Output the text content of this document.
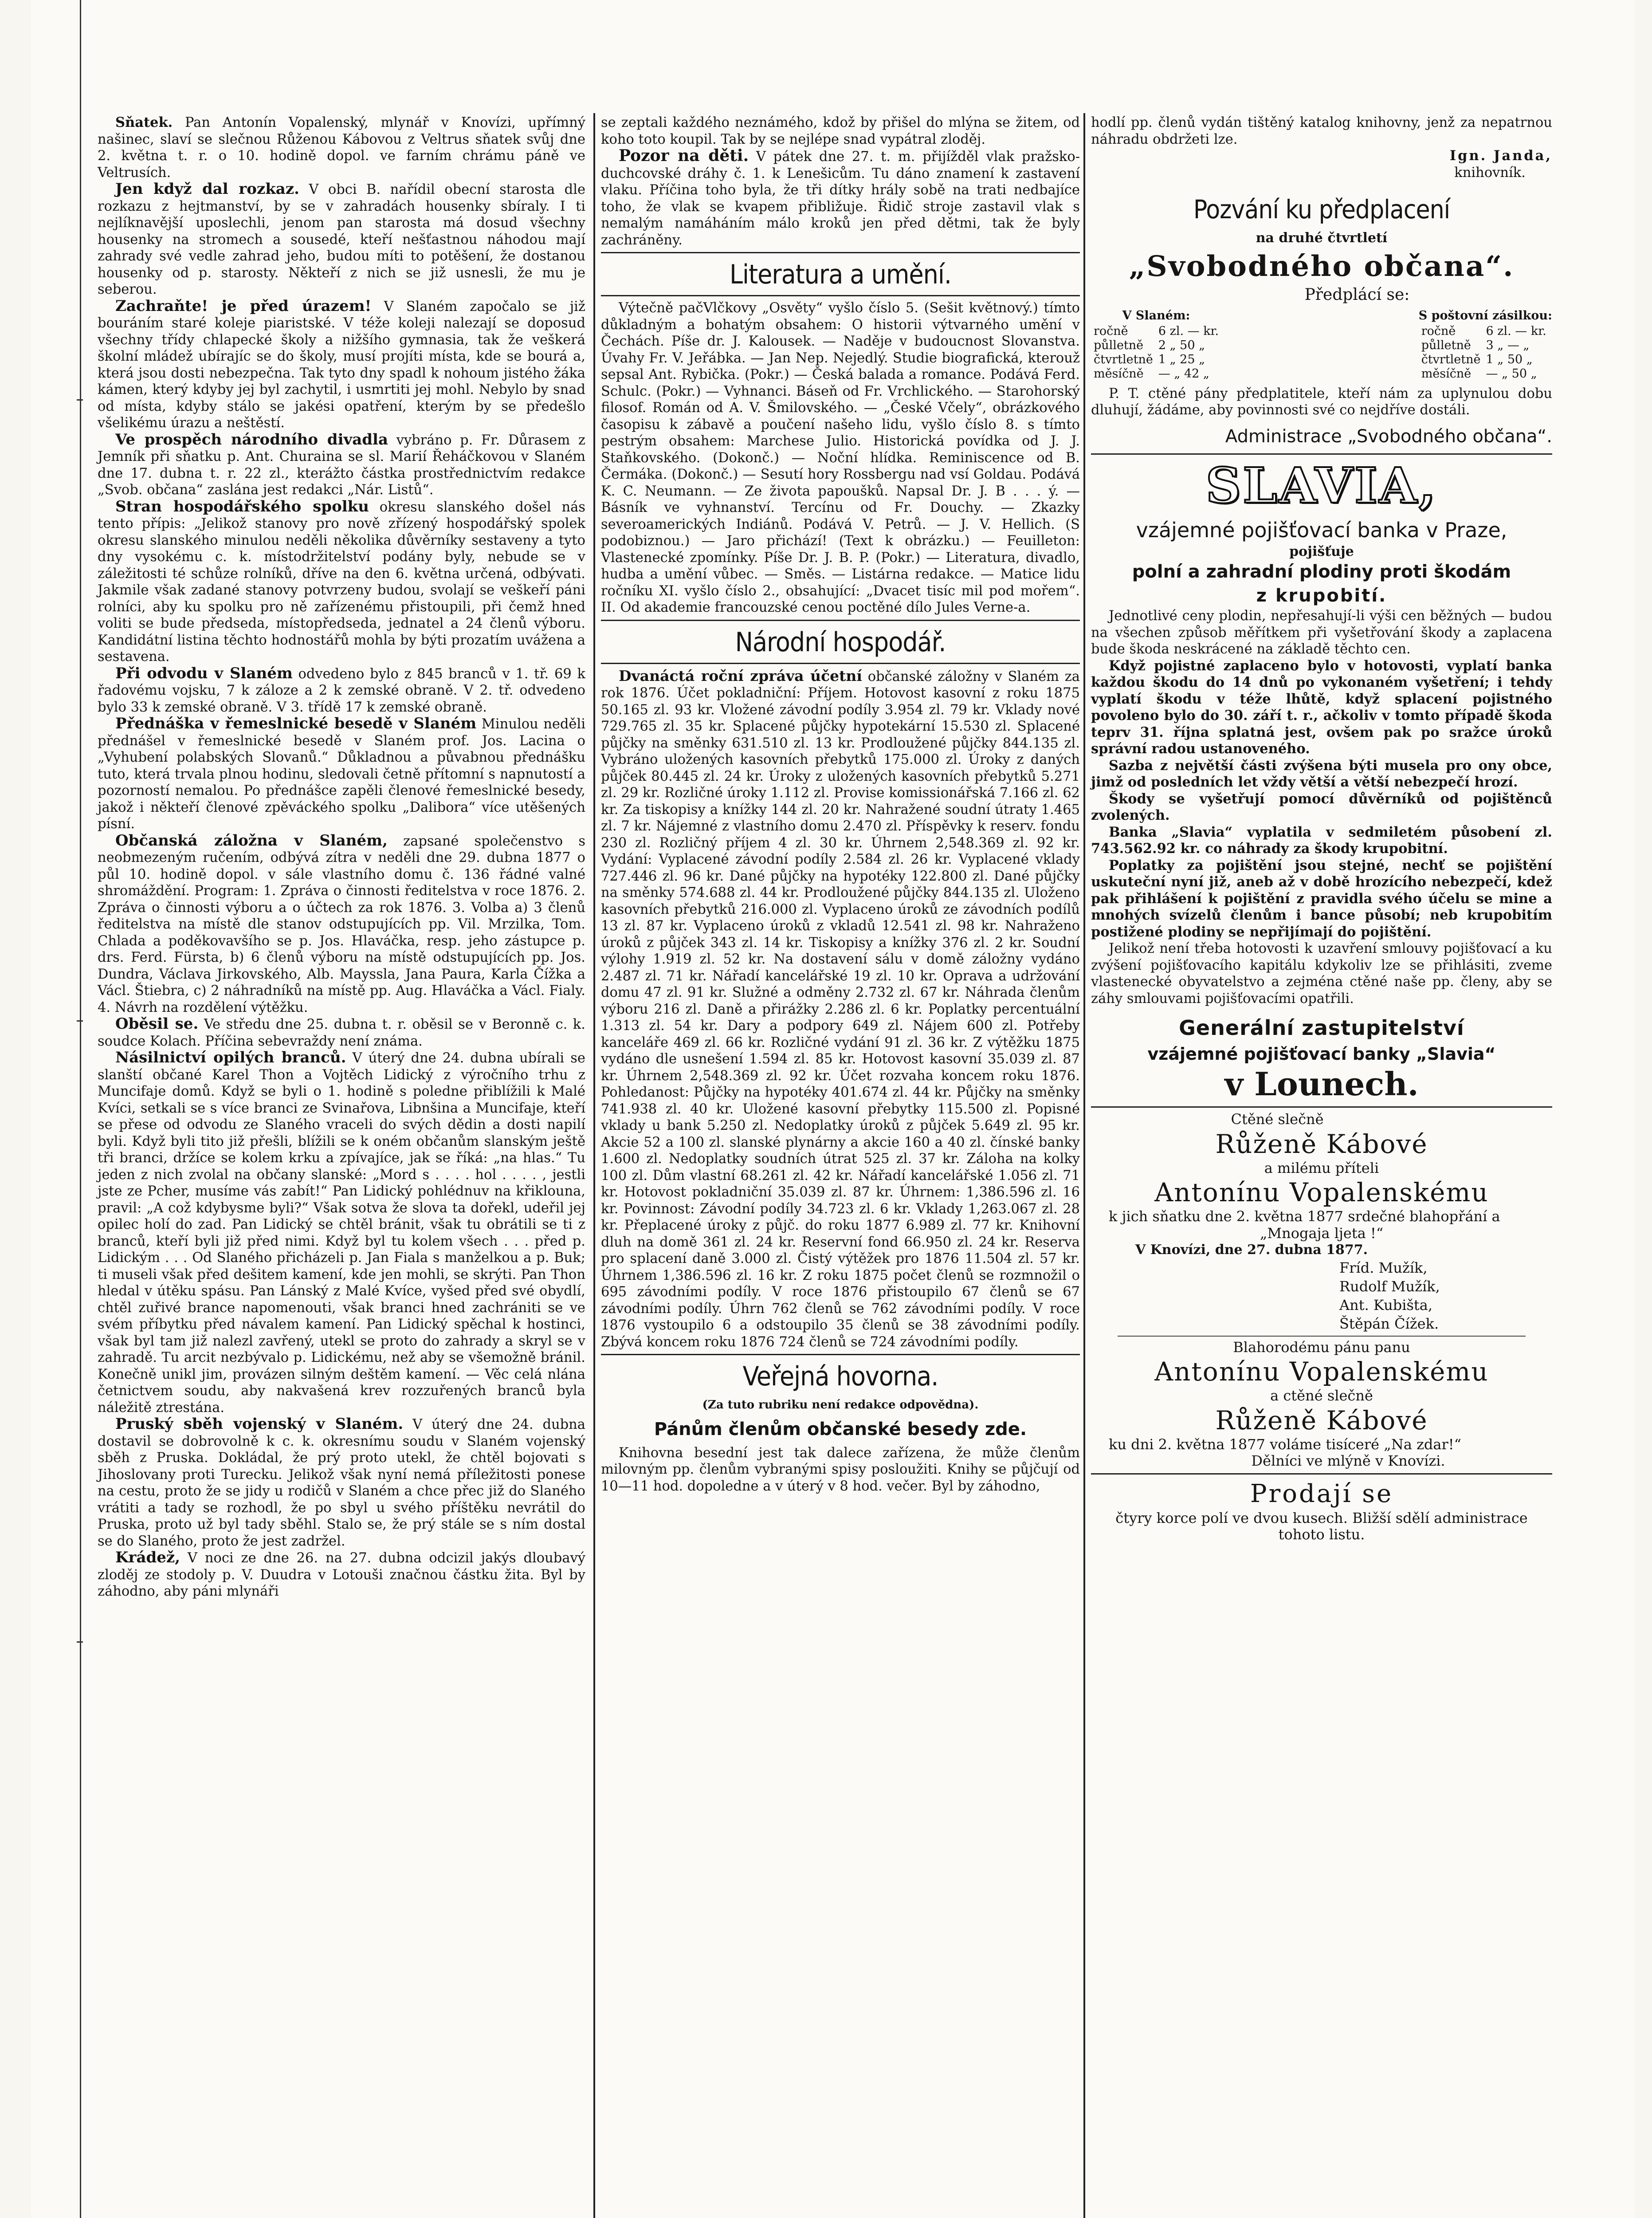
Sňatek. Pan Antonín Vopalenský, mlynář v Knovízi, upřímný našinec, slaví se slečnou Růženou Kábovou z Veltrus sňatek svůj dne 2. května t. r. o 10. hodině dopol. ve farním chrámu páně ve Veltrusích.

Jen když dal rozkaz. V obci B. nařídil obecní starosta dle rozkazu z hejtmanství, by se v zahradách housenky sbíraly. I ti nejlíknavější uposlechli, jenom pan starosta má dosud všechny housenky na stromech a sousedé, kteří nešťastnou náhodou mají zahrady své vedle zahrad jeho, budou míti to potěšení, že dostanou housenky od p. starosty. Někteří z nich se již usnesli, že mu je seberou.

Zachraňte! je před úrazem! V Slaném započalo se již bouráním staré koleje piaristské. V téže koleji nalezají se doposud všechny třídy chlapecké školy a nižšího gymnasia, tak že veškerá školní mládež ubírajíc se do školy, musí projíti místa, kde se bourá a, která jsou dosti nebezpečna. Tak tyto dny spadl k nohoum jistého žáka kámen, který kdyby jej byl zachytil, i usmrtiti jej mohl. Nebylo by snad od místa, kdyby stálo se jakési opatření, kterým by se předešlo všelikému úrazu a neštěstí.

Ve prospěch národního divadla vybráno p. Fr. Důrasem z Jemník při sňatku p. Ant. Churaina se sl. Marií Řeháčkovou v Slaném dne 17. dubna t. r. 22 zl., kterážto částka prostřednictvím redakce „Svob. občana“ zaslána jest redakci „Nár. Listů“.

Stran hospodářského spolku okresu slanského došel nás tento přípis: „Jelikož stanovy pro nově zřízený hospodářský spolek okresu slanského minulou neděli několika důvěrníky sestaveny a tyto dny vysokému c. k. místodržitelství podány byly, nebude se v záležitosti té schůze rolníků, dříve na den 6. května určená, odbývati. Jakmile však zadané stanovy potvrzeny budou, svolají se veškeří páni rolníci, aby ku spolku pro ně zařízenému přistoupili, při čemž hned voliti se bude předseda, místopředseda, jednatel a 24 členů výboru. Kandidátní listina těchto hodnostářů mohla by býti prozatím uvážena a sestavena.

Při odvodu v Slaném odvedeno bylo z 845 branců v 1. tř. 69 k řadovému vojsku, 7 k záloze a 2 k zemské obraně. V 2. tř. odvedeno bylo 33 k zemské obraně. V 3. třídě 17 k zemské obraně.

Přednáška v řemeslnické besedě v Slaném Minulou neděli přednášel v řemeslnické besedě v Slaném prof. Jos. Lacina o „Vyhubení polabských Slovanů.“ Důkladnou a půvabnou přednášku tuto, která trvala plnou hodinu, sledovali četně přítomní s napnutostí a pozorností nemalou. Po přednášce zapěli členové řemeslnické besedy, jakož i někteří členové zpěváckého spolku „Dalibora“ více utěšených písní.

Občanská záložna v Slaném, zapsané společenstvo s neobmezeným ručením, odbývá zítra v neděli dne 29. dubna 1877 o půl 10. hodině dopol. v sále vlastního domu č. 136 řádné valné shromáždění. Program: 1. Zpráva o činnosti ředitelstva v roce 1876. 2. Zpráva o činnosti výboru a o účtech za rok 1876. 3. Volba a) 3 členů ředitelstva na místě dle stanov odstupujících pp. Vil. Mrzilka, Tom. Chlada a poděkovavšího se p. Jos. Hlaváčka, resp. jeho zástupce p. drs. Ferd. Fürsta, b) 6 členů výboru na místě odstupujících pp. Jos. Dundra, Václava Jirkovského, Alb. Mayssla, Jana Paura, Karla Čížka a Václ. Štiebra, c) 2 náhradníků na místě pp. Aug. Hlaváčka a Václ. Fialy. 4. Návrh na rozdělení výtěžku.

Oběsil se. Ve středu dne 25. dubna t. r. oběsil se v Beronně c. k. soudce Kolach. Příčina sebevraždy není známa.

Násilnictví opilých branců. V úterý dne 24. dubna ubírali se slanští občané Karel Thon a Vojtěch Lidický z výročního trhu z Muncifaje domů. Když se byli o 1. hodině s poledne přiblížili k Malé Kvíci, setkali se s více branci ze Svinařova, Libnšina a Muncifaje, kteří se přese od odvodu ze Slaného vraceli do svých dědin a dosti napilí byli. Když byli tito již přešli, blížili se k oném občanům slanským ještě tři branci, držíce se kolem krku a zpívajíce, jak se říká: „na hlas.“ Tu jeden z nich zvolal na občany slanské: „Mord s . . . . hol . . . . , jestli jste ze Pcher, musíme vás zabít!“ Pan Lidický pohlédnuv na křiklouna, pravil: „A což kdybysme byli?“ Však sotva že slova ta dořekl, udeřil jej opilec holí do zad. Pan Lidický se chtěl bránit, však tu obrátili se ti z branců, kteří byli již před nimi. Když byl tu kolem všech . . . před p. Lidickým . . . Od Slaného přicházeli p. Jan Fiala s manželkou a p. Buk; ti museli však před dešitem kamení, kde jen mohli, se skrýti. Pan Thon hledal v útěku spásu. Pan Lánský z Malé Kvíce, vyšed před své obydlí, chtěl zuřivé brance napomenouti, však branci hned zachrániti se ve svém příbytku před návalem kamení. Pan Lidický spěchal k hostinci, však byl tam již nalezl zavřený, utekl se proto do zahrady a skryl se v zahradě. Tu arcit nezbývalo p. Lidickému, než aby se všemožně bránil. Konečně unikl jim, provázen silným deštěm kamení. — Věc celá nlána četnictvem soudu, aby nakvašená krev rozzuřených branců byla náležitě ztrestána.

Pruský sběh vojenský v Slaném. V úterý dne 24. dubna dostavil se dobrovolně k c. k. okresnímu soudu v Slaném vojenský sběh z Pruska. Dokládal, že prý proto utekl, že chtěl bojovati s Jihoslovany proti Turecku. Jelikož však nyní nemá příležitosti ponese na cestu, proto že se jidy u rodičů v Slaném a chce přec již do Slaného vrátiti a tady se rozhodl, že po sbyl u svého příštěku nevrátil do Pruska, proto už byl tady sběhl. Stalo se, že prý stále se s ním dostal se do Slaného, proto že jest zadržel.

Krádež, V noci ze dne 26. na 27. dubna odcizil jakýs dloubavý zloděj ze stodoly p. V. Duudra v Lotouši značnou částku žita. Byl by záhodno, aby páni mlynáři

se zeptali každého neznámého, kdož by přišel do mlýna se žitem, od koho toto koupil. Tak by se nejlépe snad vypátral zloděj.

Pozor na děti. V pátek dne 27. t. m. přijížděl vlak pražsko-duchcovské dráhy č. 1. k Lenešicům. Tu dáno znamení k zastavení vlaku. Příčina toho byla, že tři dítky hrály sobě na trati nedbajíce toho, že vlak se kvapem přibližuje. Řidič stroje zastavil vlak s nemalým namáháním málo kroků jen před dětmi, tak že byly zachráněny.

Literatura a umění.

Výtečně pačVlčkovy „Osvěty“ vyšlo číslo 5. (Sešit květnový.) tímto důkladným a bohatým obsahem: O historii výtvarného umění v Čechách. Píše dr. J. Kalousek. — Naděje v budoucnost Slovanstva. Úvahy Fr. V. Jeřábka. — Jan Nep. Nejedlý. Studie biografická, kterouž sepsal Ant. Rybička. (Pokr.) — Česká balada a romance. Podává Ferd. Schulc. (Pokr.) — Vyhnanci. Báseň od Fr. Vrchlického. — Starohorský filosof. Román od A. V. Šmilovského. — „České Včely“, obrázkového časopisu k zábavě a poučení našeho lidu, vyšlo číslo 8. s tímto pestrým obsahem: Marchese Julio. Historická povídka od J. J. Staňkovského. (Dokonč.) — Noční hlídka. Reminiscence od B. Čermáka. (Dokonč.) — Sesutí hory Rossbergu nad vsí Goldau. Podává K. C. Neumann. — Ze života papoušků. Napsal Dr. J. B . . . ý. — Básník ve vyhnanství. Tercínu od Fr. Douchy. — Zkazky severoamerických Indiánů. Podává V. Petrů. — J. V. Hellich. (S podobiznou.) — Jaro přichází! (Text k obrázku.) — Feuilleton: Vlastenecké zpomínky. Píše Dr. J. B. P. (Pokr.) — Literatura, divadlo, hudba a umění vůbec. — Směs. — Listárna redakce. — Matice lidu ročníku XI. vyšlo číslo 2., obsahující: „Dvacet tisíc mil pod mořem“. II. Od akademie francouzské cenou poctěné dílo Jules Verne-a.

Národní hospodář.

Dvanáctá roční zpráva účetní občanské záložny v Slaném za rok 1876. Účet pokladniční: Příjem. Hotovost kasovní z roku 1875 50.165 zl. 93 kr. Vložené závodní podíly 3.954 zl. 79 kr. Vklady nové 729.765 zl. 35 kr. Splacené půjčky hypotekární 15.530 zl. Splacené půjčky na směnky 631.510 zl. 13 kr. Prodloužené půjčky 844.135 zl. Vybráno uložených kasovních přebytků 175.000 zl. Úroky z daných půjček 80.445 zl. 24 kr. Úroky z uložených kasovních přebytků 5.271 zl. 29 kr. Rozličné úroky 1.112 zl. Provise komissionářská 7.166 zl. 62 kr. Za tiskopisy a knížky 144 zl. 20 kr. Nahražené soudní útraty 1.465 zl. 7 kr. Nájemné z vlastního domu 2.470 zl. Příspěvky k reserv. fondu 230 zl. Rozličný příjem 4 zl. 30 kr. Úhrnem 2,548.369 zl. 92 kr. Vydání: Vyplacené závodní podíly 2.584 zl. 26 kr. Vyplacené vklady 727.446 zl. 96 kr. Dané půjčky na hypotéky 122.800 zl. Dané půjčky na směnky 574.688 zl. 44 kr. Prodloužené půjčky 844.135 zl. Uloženo kasovních přebytků 216.000 zl. Vyplaceno úroků ze závodních podílů 13 zl. 87 kr. Vyplaceno úroků z vkladů 12.541 zl. 98 kr. Nahraženo úroků z půjček 343 zl. 14 kr. Tiskopisy a knížky 376 zl. 2 kr. Soudní výlohy 1.919 zl. 52 kr. Na dostavení sálu v domě záložny vydáno 2.487 zl. 71 kr. Nářadí kancelářské 19 zl. 10 kr. Oprava a udržování domu 47 zl. 91 kr. Služné a odměny 2.732 zl. 67 kr. Náhrada členům výboru 216 zl. Daně a přirážky 2.286 zl. 6 kr. Poplatky percentuální 1.313 zl. 54 kr. Dary a podpory 649 zl. Nájem 600 zl. Potřeby kanceláře 469 zl. 66 kr. Rozličné vydání 91 zl. 36 kr. Z výtěžku 1875 vydáno dle usnešení 1.594 zl. 85 kr. Hotovost kasovní 35.039 zl. 87 kr. Úhrnem 2,548.369 zl. 92 kr. Účet rozvaha koncem roku 1876. Pohledanost: Půjčky na hypotéky 401.674 zl. 44 kr. Půjčky na směnky 741.938 zl. 40 kr. Uložené kasovní přebytky 115.500 zl. Popisné vklady u bank 5.250 zl. Nedoplatky úroků z půjček 5.649 zl. 95 kr. Akcie 52 a 100 zl. slanské plynárny a akcie 160 a 40 zl. čínské banky 1.600 zl. Nedoplatky soudních útrat 525 zl. 37 kr. Záloha na kolky 100 zl. Dům vlastní 68.261 zl. 42 kr. Nářadí kancelářské 1.056 zl. 71 kr. Hotovost pokladniční 35.039 zl. 87 kr. Úhrnem: 1,386.596 zl. 16 kr. Povinnost: Závodní podíly 34.723 zl. 6 kr. Vklady 1,263.067 zl. 28 kr. Přeplacené úroky z půjč. do roku 1877 6.989 zl. 77 kr. Knihovní dluh na domě 361 zl. 24 kr. Reservní fond 66.950 zl. 24 kr. Reserva pro splacení daně 3.000 zl. Čistý výtěžek pro 1876 11.504 zl. 57 kr. Úhrnem 1,386.596 zl. 16 kr. Z roku 1875 počet členů se rozmnožil o 695 závodními podíly. V roce 1876 přistoupilo 67 členů se 67 závodními podíly. Úhrn 762 členů se 762 závodními podíly. V roce 1876 vystoupilo 6 a odstoupilo 35 členů se 38 závodními podíly. Zbývá koncem roku 1876 724 členů se 724 závodními podíly.

Veřejná hovorna.

(Za tuto rubriku není redakce odpovědna).

Pánům členům občanské besedy zde.

Knihovna besední jest tak dalece zařízena, že může členům milovným pp. členům vybranými spisy posloužiti. Knihy se půjčují od 10—11 hod. dopoledne a v úterý v 8 hod. večer. Byl by záhodno,

hodlí pp. členů vydán tištěný katalog knihovny, jenž za nepatrnou náhradu obdržeti lze.

Ign. Janda,

knihovník.

Pozvání ku předplacení

na druhé čtvrtletí

„Svobodného občana“.

Předplácí se:

V Slaném:

ročně	6 zl. — kr.
půlletně	2 „ 50 „
čtvrtletně	1 „ 25 „
měsíčně	— „ 42 „

S poštovní zásilkou:

ročně	6 zl. — kr.
půlletně	3 „ — „
čtvrtletně	1 „ 50 „
měsíčně	— „ 50 „

P. T. ctěné pány předplatitele, kteří nám za uplynulou dobu dluhují, žádáme, aby povinnosti své co nejdříve dostáli.

Administrace „Svobodného občana“.

SLAVIA,

vzájemné pojišťovací banka v Praze,

pojišťuje

polní a zahradní plodiny proti škodám

z krupobití.

Jednotlivé ceny plodin, nepřesahují-li výši cen běžných — budou na všechen způsob měřítkem při vyšetřování škody a zaplacena bude škoda neskrácené na základě těchto cen.

Když pojistné zaplaceno bylo v hotovosti, vyplatí banka každou škodu do 14 dnů po vykonaném vyšetření; i tehdy vyplatí škodu v téže lhůtě, když splacení pojistného povoleno bylo do 30. září t. r., ačkoliv v tomto případě škoda teprv 31. října splatná jest, ovšem pak po sražce úroků správní radou ustanoveného.

Sazba z největší části zvýšena býti musela pro ony obce, jimž od posledních let vždy větší a větší nebezpečí hrozí.

Škody se vyšetřují pomocí důvěrníků od pojištěnců zvolených.

Banka „Slavia“ vyplatila v sedmiletém působení zl. 743.562.92 kr. co náhrady za škody krupobitní.

Poplatky za pojištění jsou stejné, nechť se pojištění uskuteční nyní již, aneb až v době hrozícího nebezpečí, kdež pak přihlášení k pojištění z pravidla svého účelu se mine a mnohých svízelů členům i bance působí; neb krupobitím postižené plodiny se nepřijímají do pojištění.

Jelikož není třeba hotovosti k uzavření smlouvy pojišťovací a ku zvýšení pojišťovacího kapitálu kdykoliv lze se přihlásiti, zveme vlastenecké obyvatelstvo a zejména ctěné naše pp. členy, aby se záhy smlouvami pojišťovacími opatřili.

Generální zastupitelství

vzájemné pojišťovací banky „Slavia“

v Lounech.

Ctěné slečně

Růženě Kábové

a milému příteli

Antonínu Vopalenskému

k jich sňatku dne 2. května 1877 srdečné blahopřání a

„Mnogaja ljeta !“

V Knovízi, dne 27. dubna 1877.

Fríd. Mužík,

Rudolf Mužík,

Ant. Kubišta,

Štěpán Čížek.

Blahorodému pánu panu

Antonínu Vopalenskému

a ctěné slečně

Růženě Kábové

ku dni 2. května 1877 voláme tisíceré „Na zdar!“

Dělníci ve mlýně v Knovízi.

Prodají se

čtyry korce polí ve dvou kusech. Bližší sdělí administrace tohoto listu.
